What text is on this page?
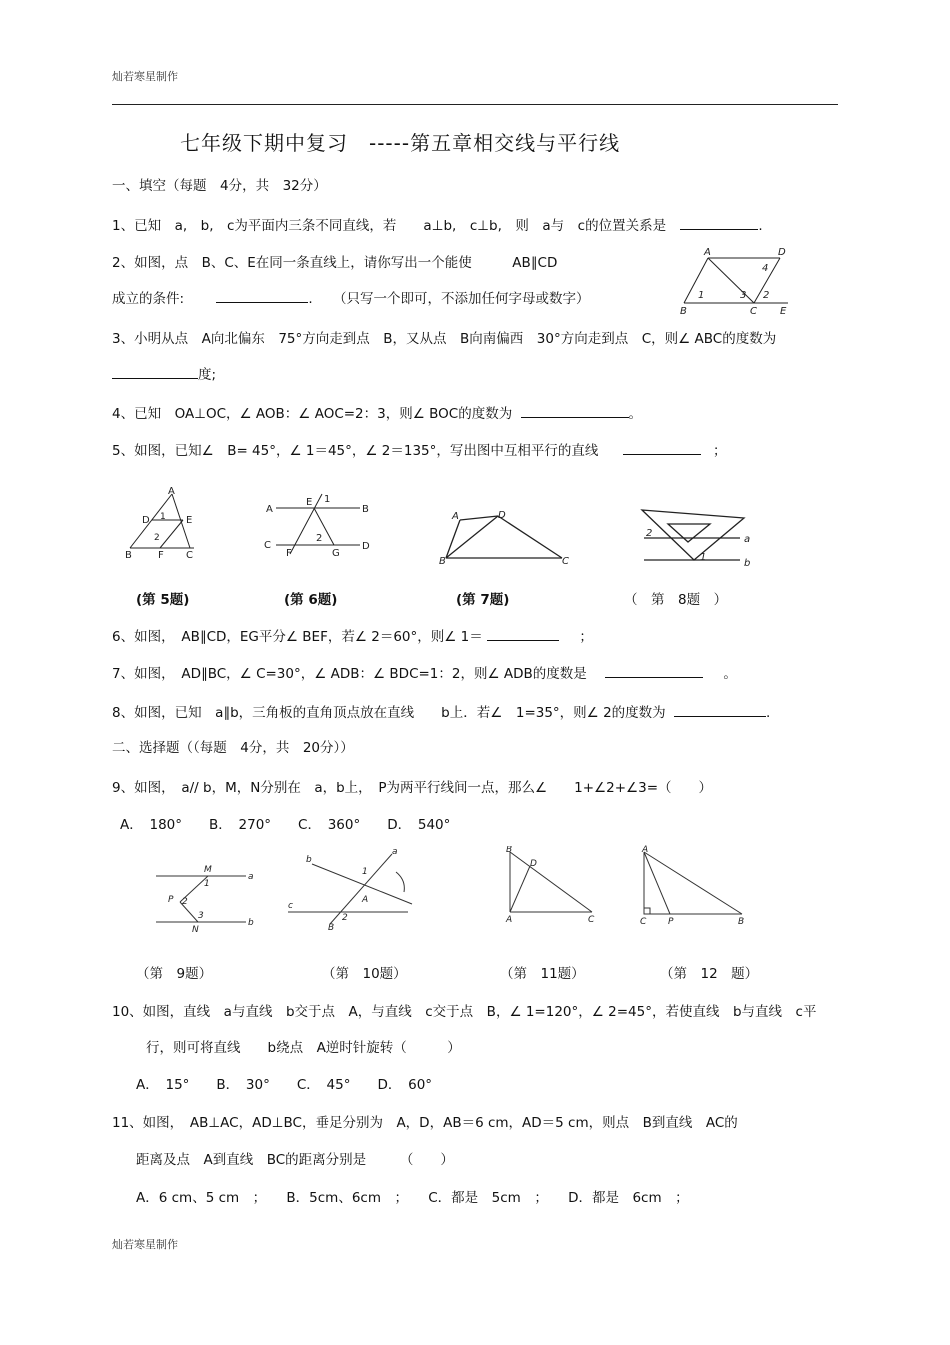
灿若寒星制作
七年级下期中复习　-----第五章相交线与平行线
一、填空（每题　4分，共　32分）
1、已知　a,　b,　c为平面内三条不同直线，若　　a⊥b,　c⊥b,　则　a与　c的位置关系是	.
2、如图，点　B、C、E在同一条直线上，请你写出一个能使　　　AB∥CD
成立的条件:	. （只写一个即可，不添加任何字母或数字）
A	D
4
1	3 2
B	C E
3、小明从点　A向北偏东　75°方向走到点　B，又从点　B向南偏西　30°方向走到点　C，则∠ ABC的度数为
度;
4、已知　OA⊥OC，∠ AOB：∠ AOC=2：3，则∠ BOC的度数为	。
5、如图，已知∠　B= 45°，∠ 1＝45°，∠ 2＝135°，写出图中互相平行的直线	；
A
D 1 E
2
B	F C
A
E 1
B
C
F
2
G
D
A	D
B	C
2
a
1
b
(第 5题)	(第 6题)	(第 7题)	（　第　8题　）
6、如图，　AB∥CD，EG平分∠ BEF，若∠ 2＝60°，则∠ 1＝	；
7、如图，　AD∥BC，∠ C=30°，∠ ADB：∠ BDC=1：2，则∠ ADB的度数是	。
8、如图，已知　a∥b，三角板的直角顶点放在直线　　b上．若∠　1=35°，则∠ 2的度数为	.
二、选择题（（每题　4分，共　20分））
9、如图，　a// b，M，N分别在　a，b上，　P为两平行线间一点，那么∠　　1+∠2+∠3=（　　）
A．　180°　　B．　270°　　C．　360°　　D．　540°
M
1
a
P 2
3
b
N
b
a
1
A
c
2
B
B
D
A	C
A
C P	B
（第　9题）	（第　10题）	（第　11题）	（第　12　题）
10、如图，直线　a与直线　b交于点　A，与直线　c交于点　B，∠ 1=120°，∠ 2=45°，若使直线　b与直线　c平
行，则可将直线　　b绕点　A逆时针旋转（　　　）
A．　15°　　B．　30°　　C．　45°　　D．　60°
11、如图，　AB⊥AC，AD⊥BC，垂足分别为　A，D，AB＝6 cm，AD＝5 cm，则点　B到直线　AC的
距离及点　A到直线　BC的距离分别是　　　（　　）
A．6 cm、5 cm　；　　B．5cm、6cm　；　　C．都是　5cm　；　　D．都是　6cm　；
灿若寒星制作
